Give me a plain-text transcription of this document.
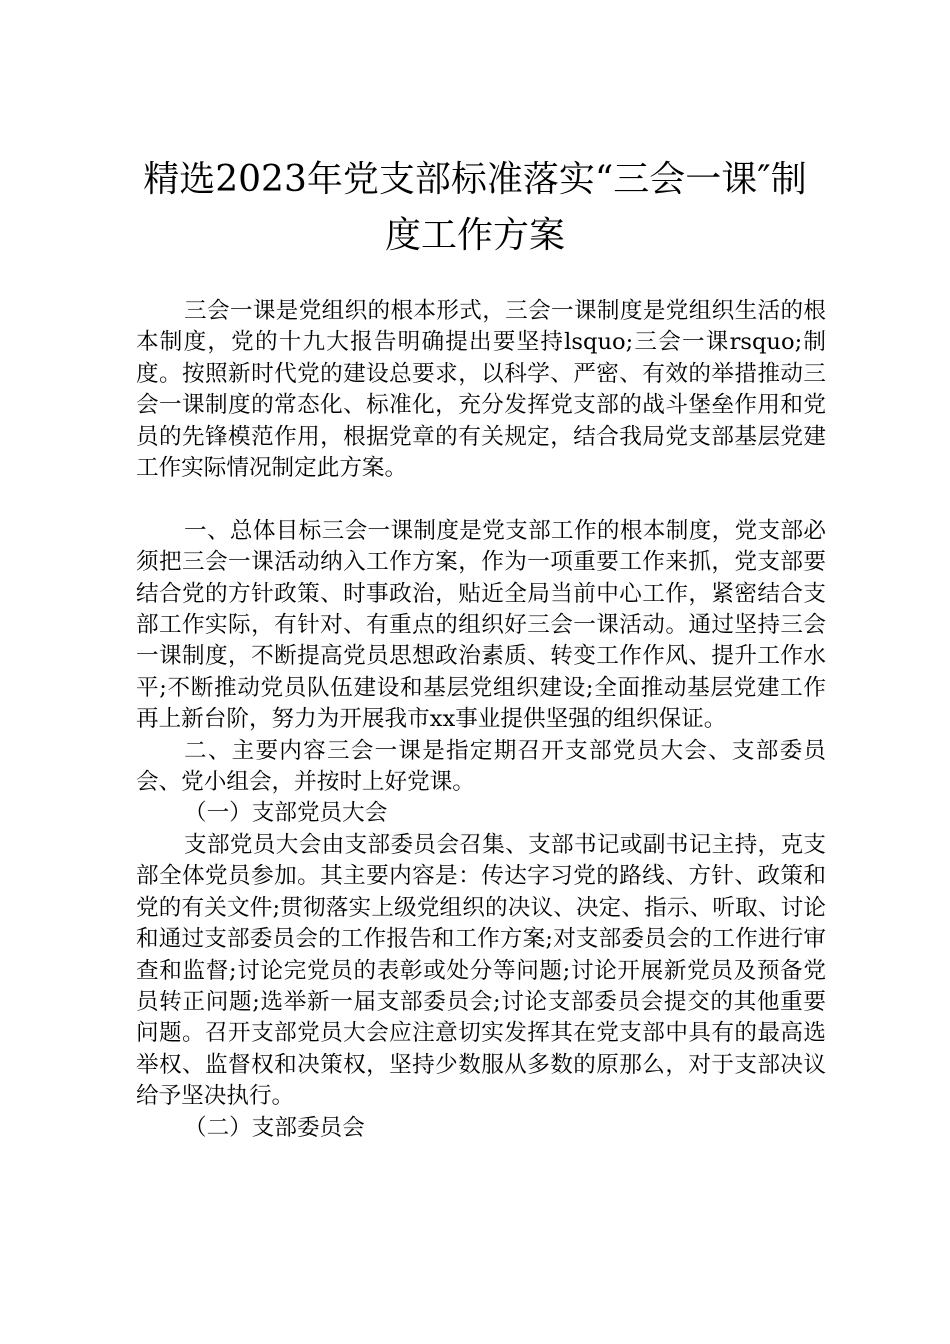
精选2023年党支部标准落实“三会一课″制
度工作方案

三会一课是党组织的根本形式，三会一课制度是党组织生活的根本制度，党的十九大报告明确提出要坚持lsquo;三会一课rsquo;制度。按照新时代党的建设总要求，以科学、严密、有效的举措推动三会一课制度的常态化、标准化，充分发挥党支部的战斗堡垒作用和党员的先锋模范作用，根据党章的有关规定，结合我局党支部基层党建工作实际情况制定此方案。

一、总体目标三会一课制度是党支部工作的根本制度，党支部必须把三会一课活动纳入工作方案，作为一项重要工作来抓，党支部要结合党的方针政策、时事政治，贴近全局当前中心工作，紧密结合支部工作实际，有针对、有重点的组织好三会一课活动。通过坚持三会一课制度，不断提高党员思想政治素质、转变工作作风、提升工作水平;不断推动党员队伍建设和基层党组织建设;全面推动基层党建工作再上新台阶，努力为开展我市xx事业提供坚强的组织保证。

二、主要内容三会一课是指定期召开支部党员大会、支部委员会、党小组会，并按时上好党课。

（一）支部党员大会

支部党员大会由支部委员会召集、支部书记或副书记主持，克支部全体党员参加。其主要内容是：传达字习党的路线、方针、政策和党的有关文件;贯彻落实上级党组织的决议、决定、指示、听取、讨论和通过支部委员会的工作报告和工作方案;对支部委员会的工作进行审查和监督;讨论完党员的表彰或处分等问题;讨论开展新党员及预备党员转正问题;选举新一届支部委员会;讨论支部委员会提交的其他重要问题。召开支部党员大会应注意切实发挥其在党支部中具有的最高选举权、监督权和决策权，坚持少数服从多数的原那么，对于支部决议给予坚决执行。

（二）支部委员会
